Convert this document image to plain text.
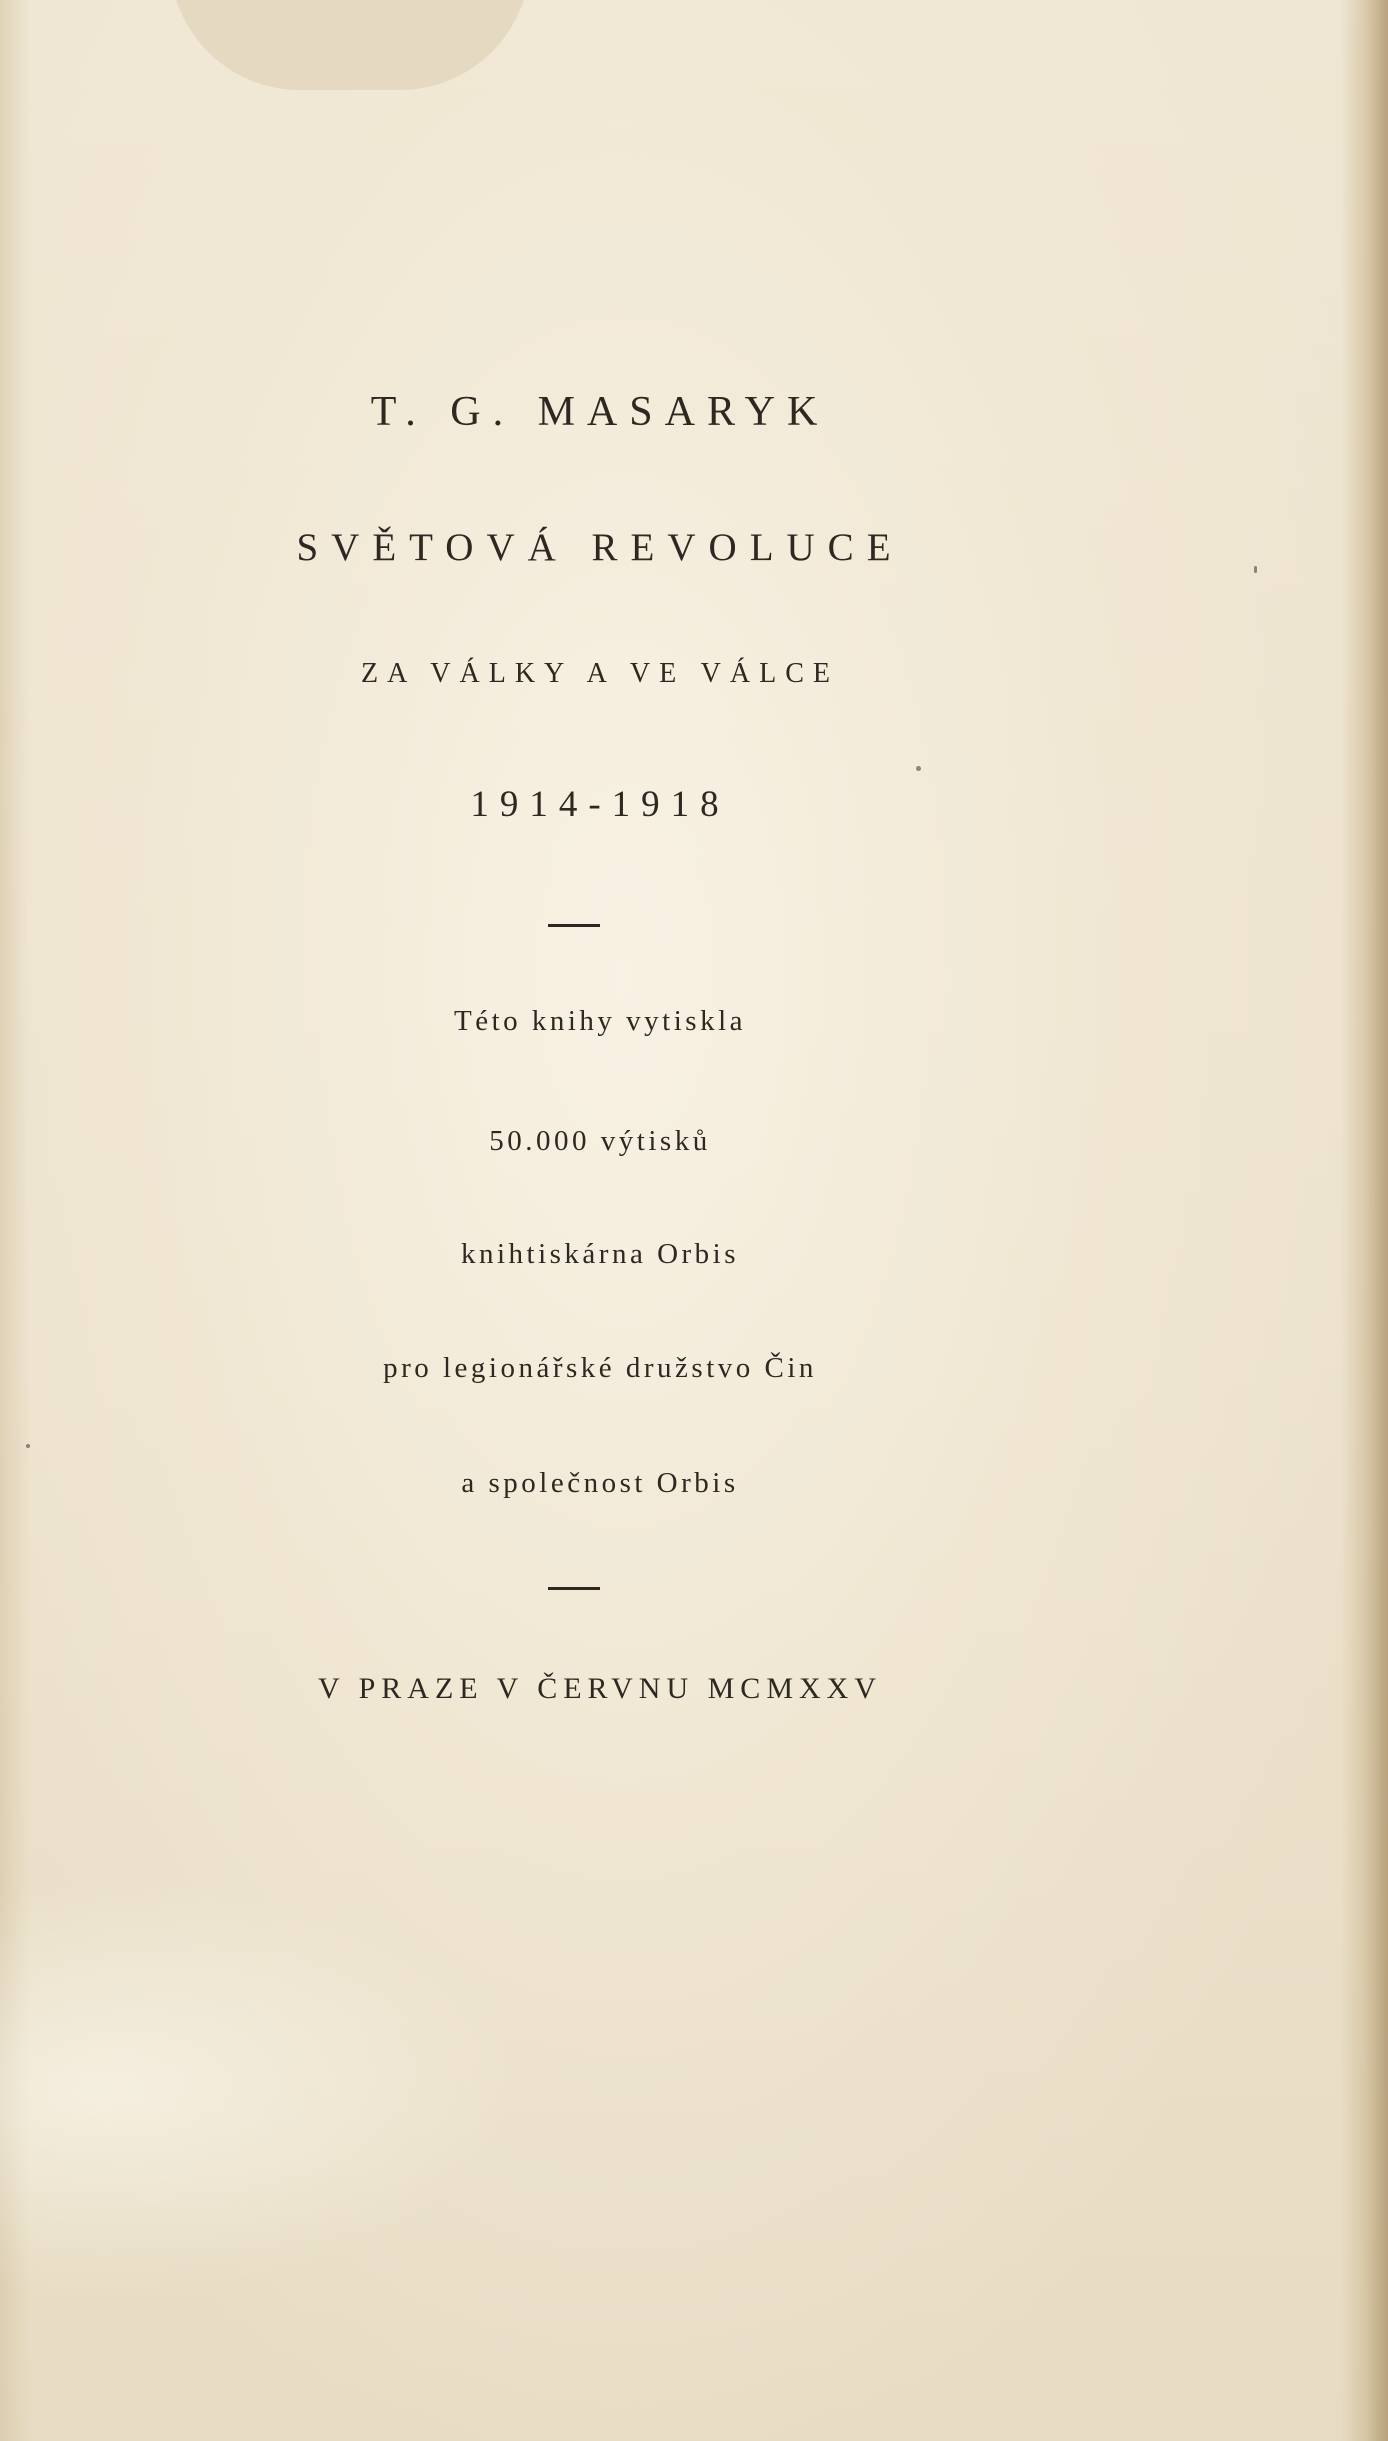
T. G. MASARYK
SVĚTOVÁ REVOLUCE
ZA VÁLKY A VE VÁLCE
1914-1918
Této knihy vytiskla
50.000 výtisků
knihtiskárna Orbis
pro legionářské družstvo Čin
a společnost Orbis
V PRAZE V ČERVNU MCMXXV
